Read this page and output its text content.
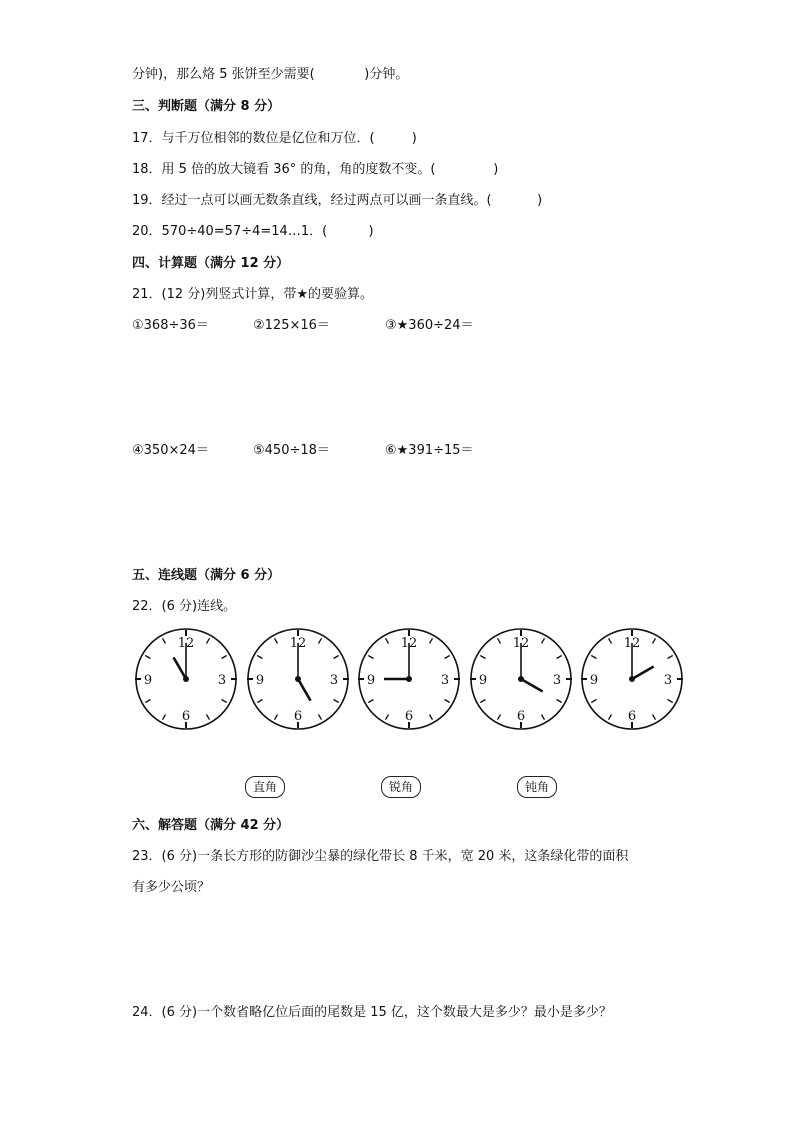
分钟)，那么烙 5 张饼至少需要(            )分钟。
三、判断题（满分 8 分）
17．与千万位相邻的数位是亿位和万位．(         )
18．用 5 倍的放大镜看 36° 的角，角的度数不变。(              )
19．经过一点可以画无数条直线，经过两点可以画一条直线。(           )
20．570÷40=57÷4=14…1．(          )
四、计算题（满分 12 分）
21．(12 分)列竖式计算，带★的要验算。
①368÷36＝	②125×16＝	③★360÷24＝
④350×24＝	⑤450÷18＝	⑥★391÷15＝
五、连线题（满分 6 分）
22．(6 分)连线。
12
3
6
9
12
3
6
9
12
3
6
9
12
3
6
9
12
3
6
9
直角	锐角	钝角
六、解答题（满分 42 分）
23．(6 分)一条长方形的防御沙尘暴的绿化带长 8 千米，宽 20 米，这条绿化带的面积
有多少公顷？
24．(6 分)一个数省略亿位后面的尾数是 15 亿，这个数最大是多少？最小是多少？
